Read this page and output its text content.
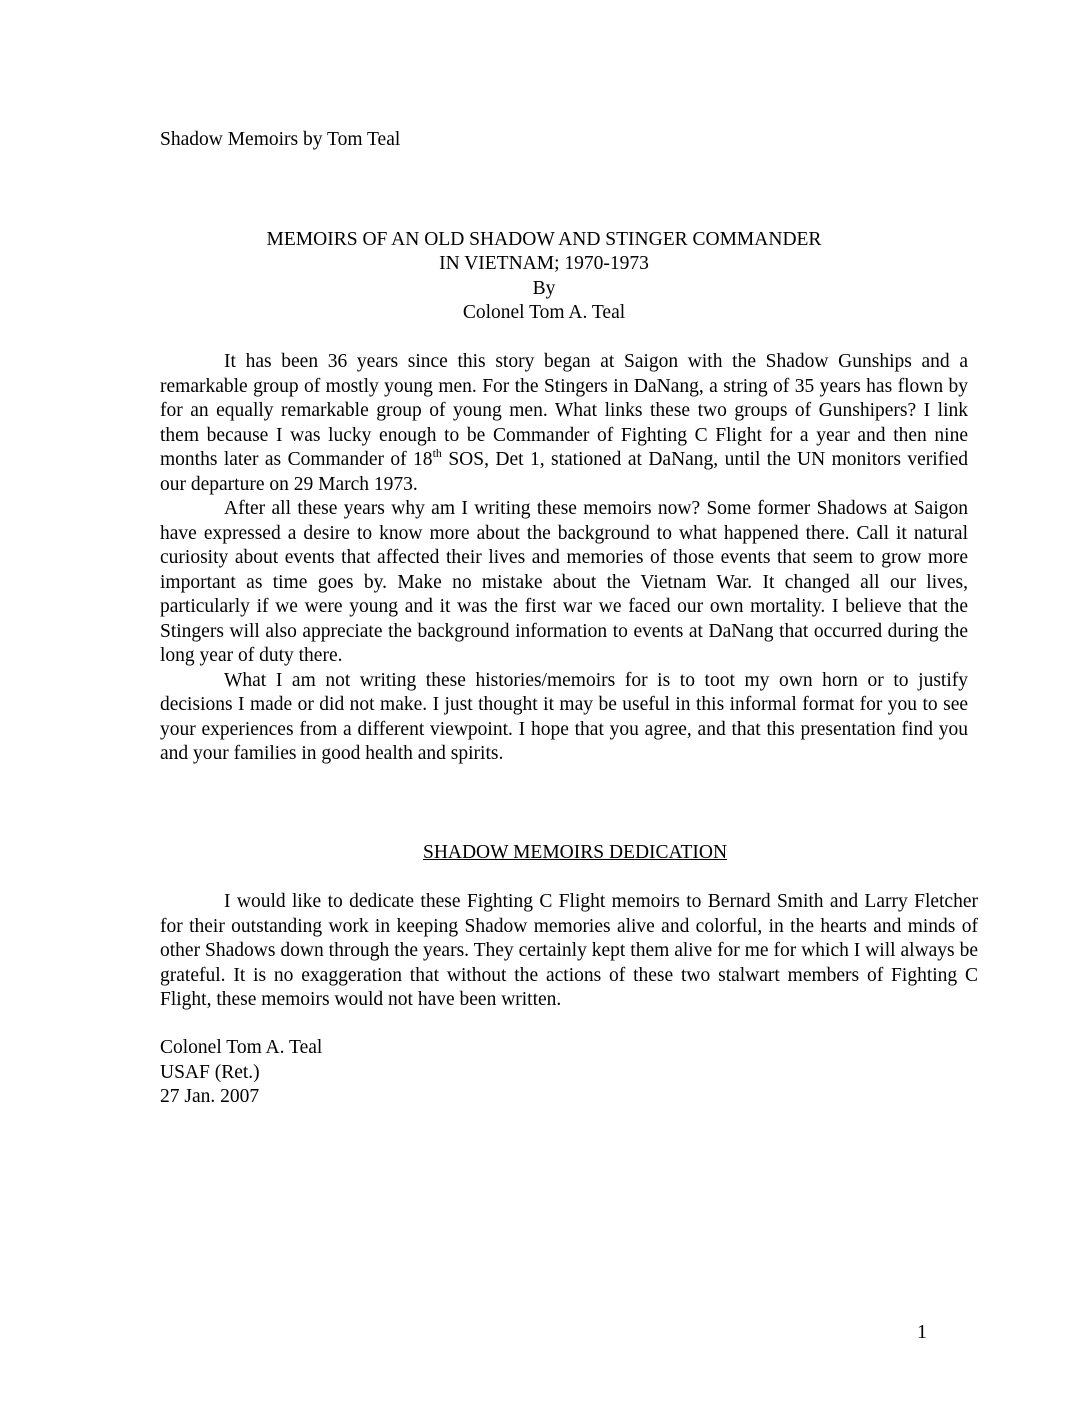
Shadow Memoirs by Tom Teal
MEMOIRS OF AN OLD SHADOW AND STINGER COMMANDER
IN VIETNAM; 1970-1973
By
Colonel Tom A. Teal

It has been 36 years since this story began at Saigon with the Shadow Gunships and a remarkable group of mostly young men. For the Stingers in DaNang, a string of 35 years has flown by for an equally remarkable group of young men. What links these two groups of Gunshipers? I link them because I was lucky enough to be Commander of Fighting C Flight for a year and then nine months later as Commander of 18th SOS, Det 1, stationed at DaNang, until the UN monitors verified our departure on 29 March 1973.

After all these years why am I writing these memoirs now? Some former Shadows at Saigon have expressed a desire to know more about the background to what happened there. Call it natural curiosity about events that affected their lives and memories of those events that seem to grow more important as time goes by. Make no mistake about the Vietnam War. It changed all our lives, particularly if we were young and it was the first war we faced our own mortality. I believe that the Stingers will also appreciate the background information to events at DaNang that occurred during the long year of duty there.

What I am not writing these histories/memoirs for is to toot my own horn or to justify decisions I made or did not make. I just thought it may be useful in this informal format for you to see your experiences from a different viewpoint. I hope that you agree, and that this presentation find you and your families in good health and spirits.

SHADOW MEMOIRS DEDICATION

I would like to dedicate these Fighting C Flight memoirs to Bernard Smith and Larry Fletcher for their outstanding work in keeping Shadow memories alive and colorful, in the hearts and minds of other Shadows down through the years. They certainly kept them alive for me for which I will always be grateful. It is no exaggeration that without the actions of these two stalwart members of Fighting C Flight, these memoirs would not have been written.

Colonel Tom A. Teal
USAF (Ret.)
27 Jan. 2007
1
